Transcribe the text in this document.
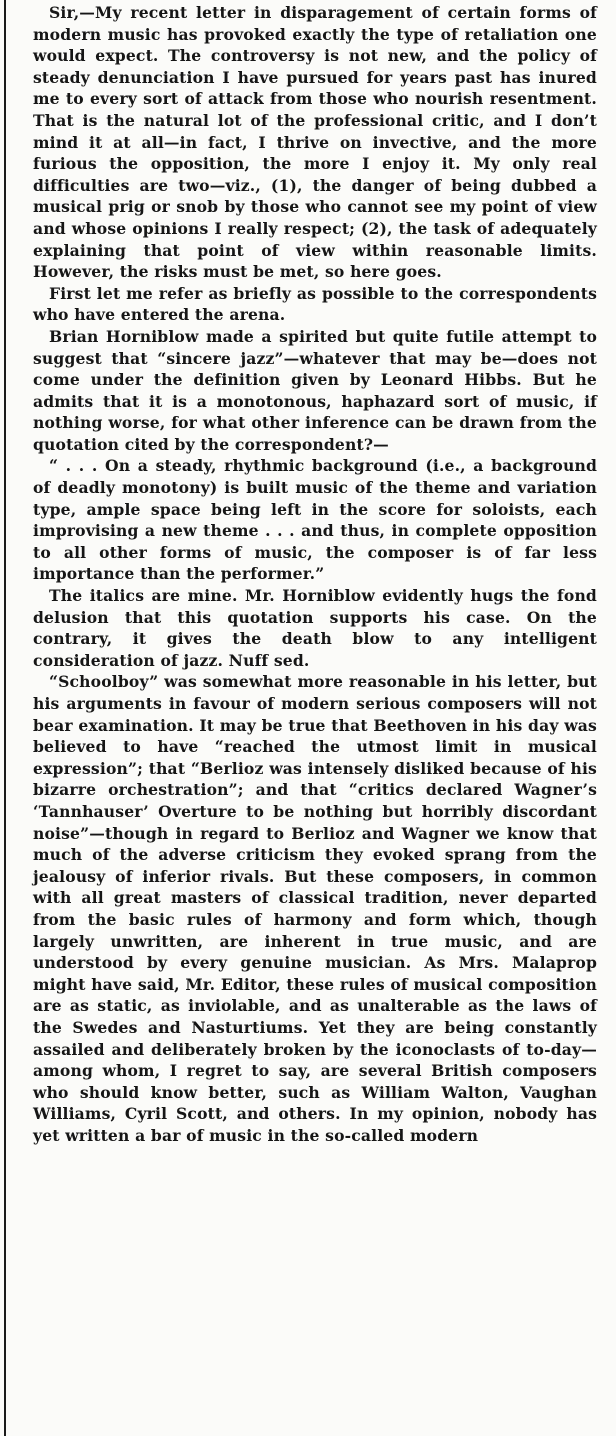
Sir,—My recent letter in disparagement of certain forms of modern music has provoked exactly the type of retaliation one would expect. The controversy is not new, and the policy of steady denunciation I have pursued for years past has inured me to every sort of attack from those who nourish resentment. That is the natural lot of the professional critic, and I don’t mind it at all—in fact, I thrive on invective, and the more furious the opposition, the more I enjoy it. My only real difficulties are two—viz., (1), the danger of being dubbed a musical prig or snob by those who cannot see my point of view and whose opinions I really respect; (2), the task of adequately explaining that point of view within reasonable limits. However, the risks must be met, so here goes.

First let me refer as briefly as possible to the correspondents who have entered the arena.

Brian Horniblow made a spirited but quite futile attempt to suggest that “sincere jazz”—whatever that may be—does not come under the definition given by Leonard Hibbs. But he admits that it is a monotonous, haphazard sort of music, if nothing worse, for what other inference can be drawn from the quotation cited by the correspondent?—

“ . . . On a steady, rhythmic background (i.e., a background of deadly monotony) is built music of the theme and variation type, ample space being left in the score for soloists, each improvising a new theme . . . and thus, in complete opposition to all other forms of music, the composer is of far less importance than the performer.”

The italics are mine. Mr. Horniblow evidently hugs the fond delusion that this quotation supports his case. On the contrary, it gives the death blow to any intelligent consideration of jazz. Nuff sed.

“Schoolboy” was somewhat more reasonable in his letter, but his arguments in favour of modern serious composers will not bear examination. It may be true that Beethoven in his day was believed to have “reached the utmost limit in musical expression”; that “Berlioz was intensely disliked because of his bizarre orchestration”; and that “critics declared Wagner’s ‘Tannhauser’ Overture to be nothing but horribly discordant noise”—though in regard to Berlioz and Wagner we know that much of the adverse criticism they evoked sprang from the jealousy of inferior rivals. But these composers, in common with all great masters of classical tradition, never departed from the basic rules of harmony and form which, though largely unwritten, are inherent in true music, and are understood by every genuine musician. As Mrs. Malaprop might have said, Mr. Editor, these rules of musical composition are as static, as inviolable, and as unalterable as the laws of the Swedes and Nasturtiums. Yet they are being constantly assailed and deliberately broken by the iconoclasts of to-day—among whom, I regret to say, are several British composers who should know better, such as William Walton, Vaughan Williams, Cyril Scott, and others. In my opinion, nobody has yet written a bar of music in the so-called modern
